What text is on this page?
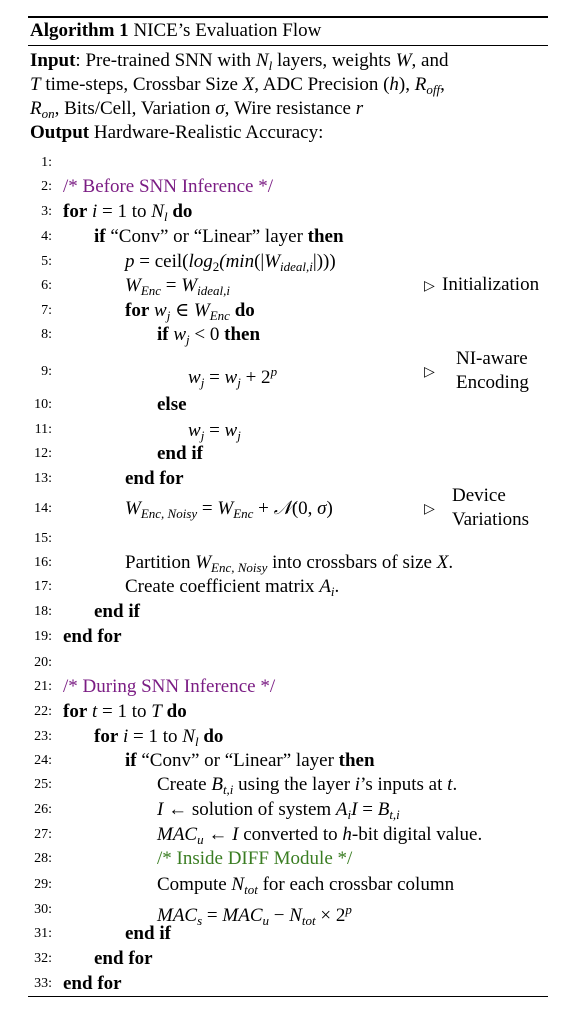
Algorithm 1 NICE’s Evaluation Flow
Input: Pre-trained SNN with $N_l$ layers, weights W, and
T time-steps, Crossbar Size X, ADC Precision (h), $R_{off}$,
$R_{on}$, Bits/Cell, Variation σ, Wire resistance r
Output Hardware-Realistic Accuracy:
1:
2:
3:
4:
5:
6:
7:
8:
9:
10:
11:
12:
13:
14:
15:
16:
17:
18:
19:
20:
21:
22:
23:
24:
25:
26:
27:
28:
29:
30:
31:
32:
33:
/* Before SNN Inference */
for i = 1 to $N_l$ do
if “Conv” or “Linear” layer then
$p = ceil(\log_2(\min(|W_{ideal,i}|)))$
$W_{Enc} = W_{ideal,i}$	▷ Initialization
for $w_j$ ∈ $W_{Enc}$ do
if $w_j < 0$ then
$w_j = w_j + 2^p$	▷
NI-aware
Encoding
else
$w_j = w_j$
end if
end for
$W_{Enc, Noisy} = W_{Enc}$ + 𝒩(0, σ)	▷
Device
Variations
Partition $W_{Enc, Noisy}$ into crossbars of size X.
Create coefficient matrix $A_i$.
end if
end for
/* During SNN Inference */
for t = 1 to T do
for i = 1 to $N_l$ do
if “Conv” or “Linear” layer then
Create $B_{t,i}$ using the layer i’s inputs at t.
I ← solution of system $A_iI = B_{t,i}$
$MAC_u$ ← I converted to h-bit digital value.
/* Inside DIFF Module */
Compute $N_{tot}$ for each crossbar column
$MAC_s = MAC_u - N_{tot} \times 2^p$
end if
end for
end for
